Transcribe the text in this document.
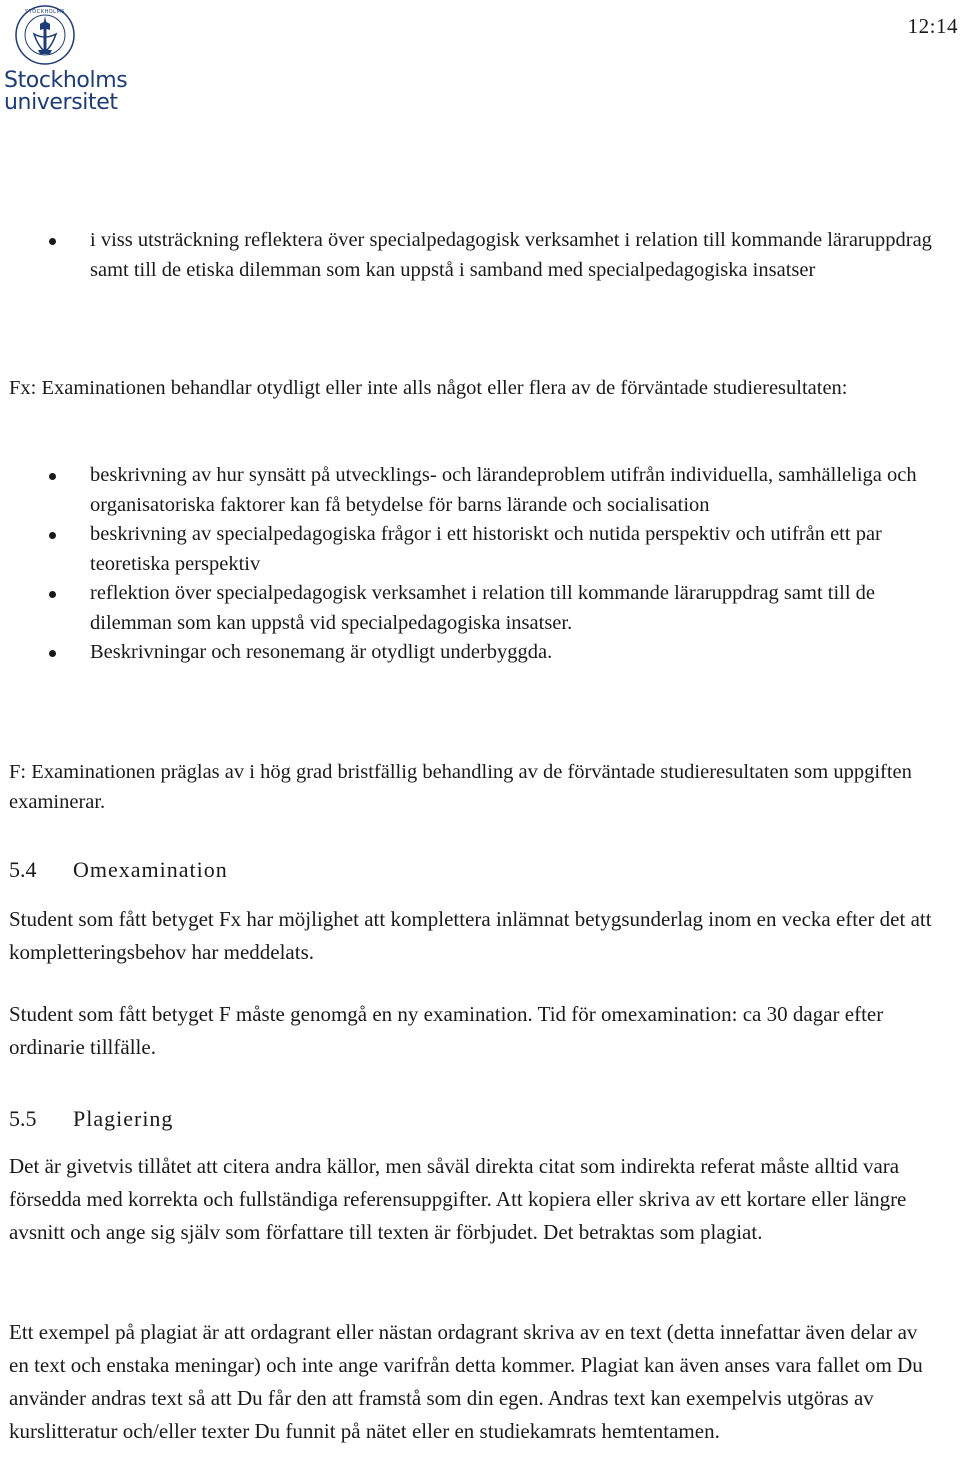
STOCKHOLMS
Stockholms
universitet
12:14
i viss utsträckning reflektera över specialpedagogisk verksamhet i relation till kommande läraruppdrag samt till de etiska dilemman som kan uppstå i samband med specialpedagogiska insatser
Fx: Examinationen behandlar otydligt eller inte alls något eller flera av de förväntade studieresultaten:
beskrivning av hur synsätt på utvecklings- och lärandeproblem utifrån individuella, samhälleliga och organisatoriska faktorer kan få betydelse för barns lärande och socialisation
beskrivning av specialpedagogiska frågor i ett historiskt och nutida perspektiv och utifrån ett par teoretiska perspektiv
reflektion över specialpedagogisk verksamhet i relation till kommande läraruppdrag samt till de dilemman som kan uppstå vid specialpedagogiska insatser.
Beskrivningar och resonemang är otydligt underbyggda.
F: Examinationen präglas av i hög grad bristfällig behandling av de förväntade studieresultaten som uppgiften examinerar.
5.4 Omexamination
Student som fått betyget Fx har möjlighet att komplettera inlämnat betygsunderlag inom en vecka efter det att kompletteringsbehov har meddelats.
Student som fått betyget F måste genomgå en ny examination. Tid för omexamination: ca 30 dagar efter ordinarie tillfälle.
5.5 Plagiering
Det är givetvis tillåtet att citera andra källor, men såväl direkta citat som indirekta referat måste alltid vara försedda med korrekta och fullständiga referensuppgifter. Att kopiera eller skriva av ett kortare eller längre avsnitt och ange sig själv som författare till texten är förbjudet. Det betraktas som plagiat.
Ett exempel på plagiat är att ordagrant eller nästan ordagrant skriva av en text (detta innefattar även delar av en text och enstaka meningar) och inte ange varifrån detta kommer. Plagiat kan även anses vara fallet om Du använder andras text så att Du får den att framstå som din egen. Andras text kan exempelvis utgöras av kurslitteratur och/eller texter Du funnit på nätet eller en studiekamrats hemtentamen.
